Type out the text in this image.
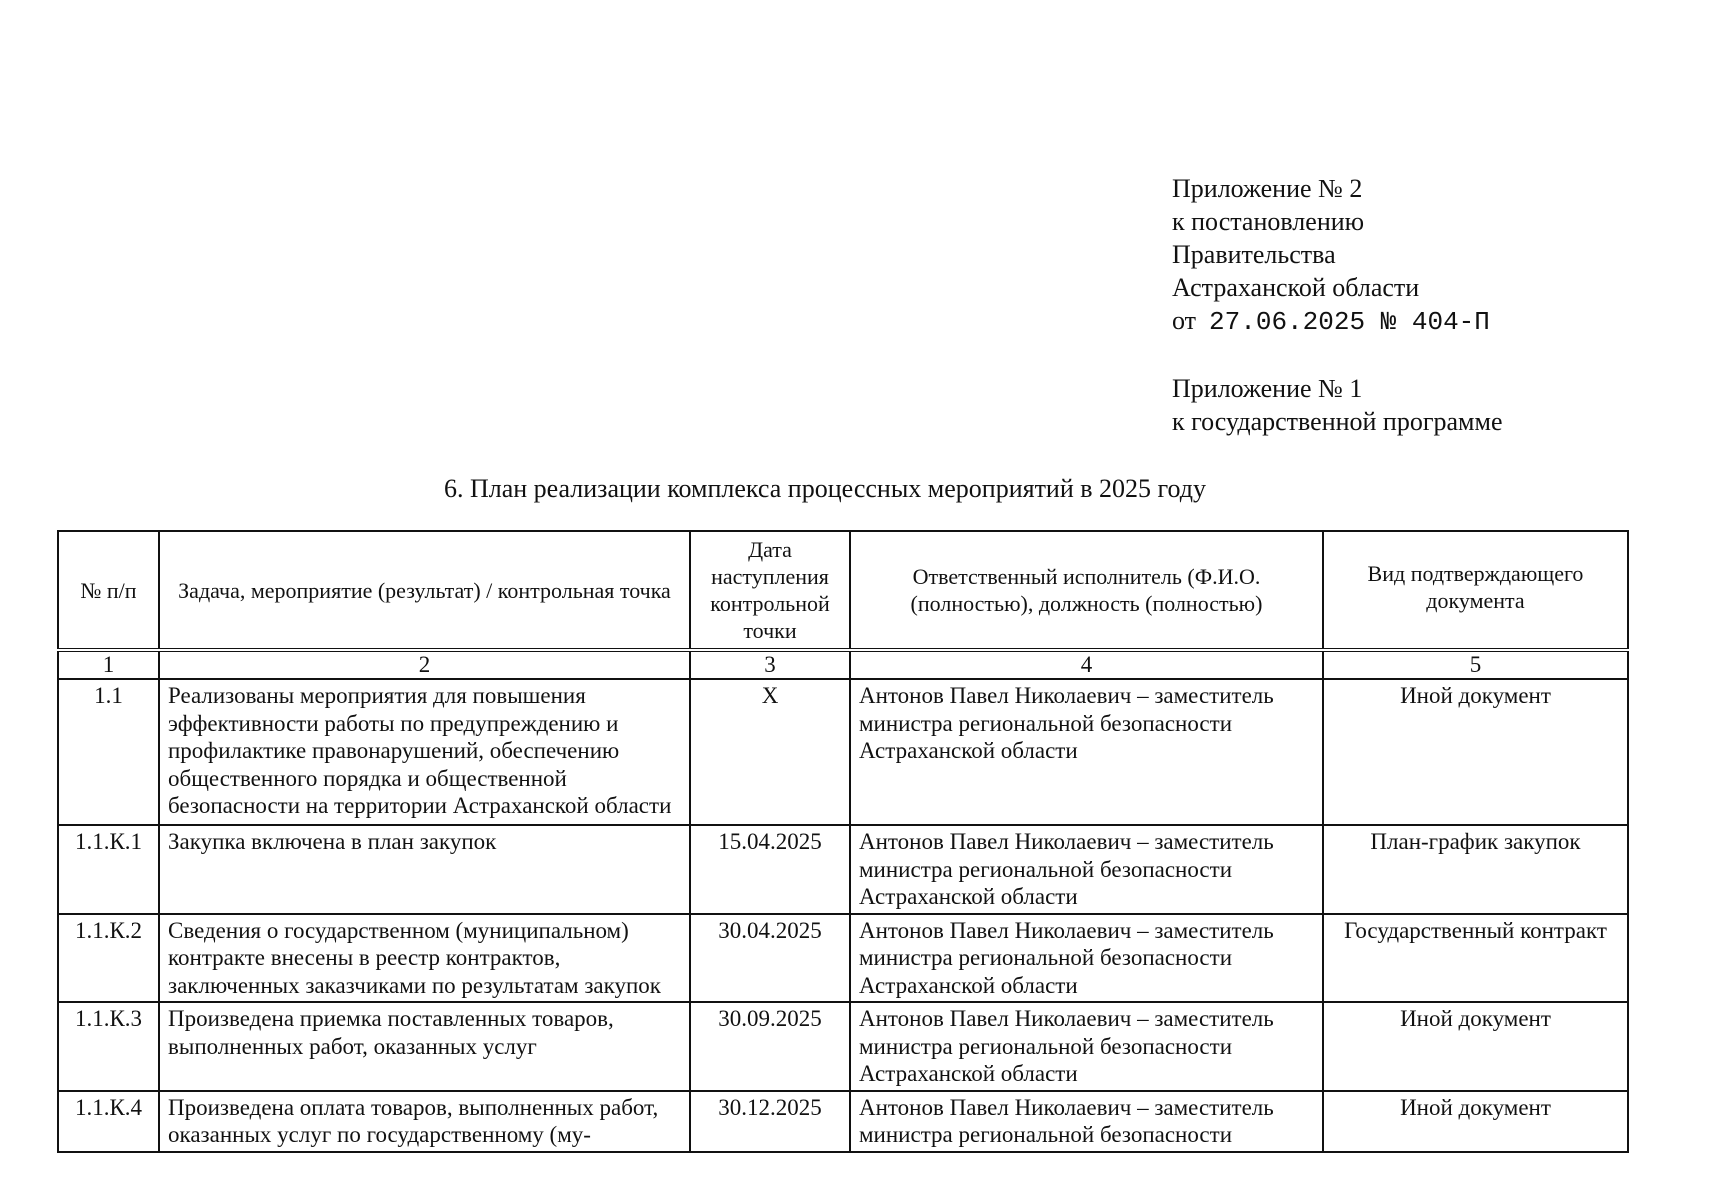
Приложение № 2
к постановлению
Правительства
Астраханской области
от 27.06.2025 № 404-П
Приложение № 1
к государственной программе
6. План реализации комплекса процессных мероприятий в 2025 году
№ п/п	Задача, мероприятие (результат) / контрольная точка	Дата наступления контрольной точки	Ответственный исполнитель (Ф.И.О. (полностью), должность (полностью)	Вид подтверждающего документа
1	2	3	4	5
1.1	Реализованы мероприятия для повышения эффективности работы по предупреждению и профилактике правонарушений, обеспечению общественного порядка и общественной безопасности на территории Астраханской области	X	Антонов Павел Николаевич – заместитель министра региональной безопасности Астраханской области	Иной документ
1.1.К.1	Закупка включена в план закупок	15.04.2025	Антонов Павел Николаевич – заместитель министра региональной безопасности Астраханской области	План-график закупок
1.1.К.2	Сведения о государственном (муниципальном) контракте внесены в реестр контрактов, заключенных заказчиками по результатам закупок	30.04.2025	Антонов Павел Николаевич – заместитель министра региональной безопасности Астраханской области	Государственный контракт
1.1.К.3	Произведена приемка поставленных товаров, выполненных работ, оказанных услуг	30.09.2025	Антонов Павел Николаевич – заместитель министра региональной безопасности Астраханской области	Иной документ
1.1.К.4	Произведена оплата товаров, выполненных работ, оказанных услуг по государственному (му-	30.12.2025	Антонов Павел Николаевич – заместитель министра региональной безопасности	Иной документ
